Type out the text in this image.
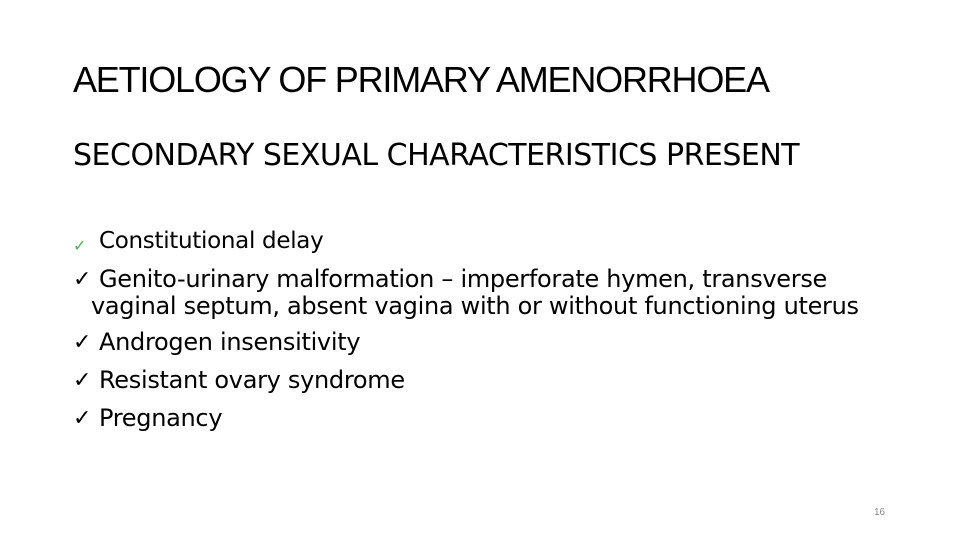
AETIOLOGY OF PRIMARY AMENORRHOEA
SECONDARY SEXUAL CHARACTERISTICS PRESENT
✓ Constitutional delay
✓ Genito-urinary malformation – imperforate hymen, transverse vaginal septum, absent vagina with or without functioning uterus
✓ Androgen insensitivity
✓ Resistant ovary syndrome
✓ Pregnancy
16
